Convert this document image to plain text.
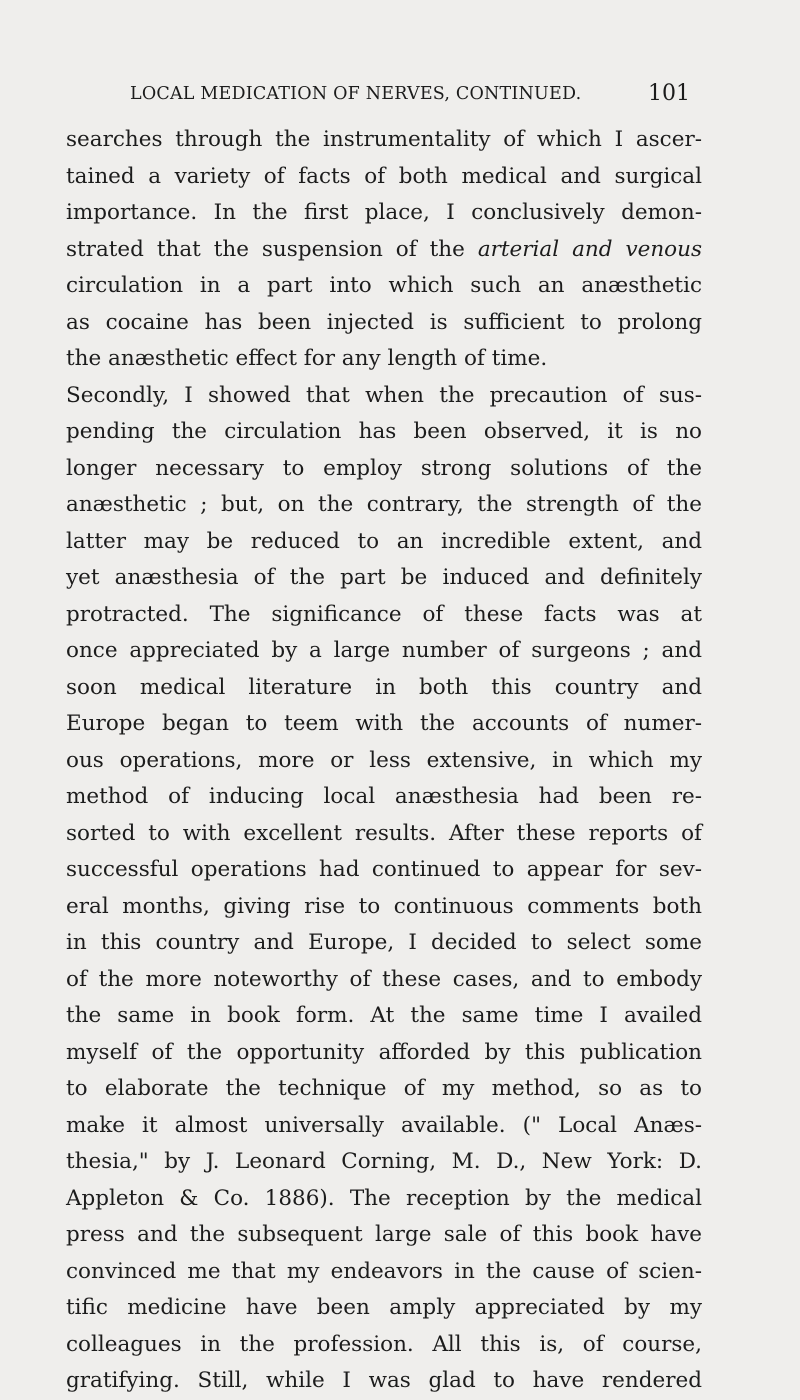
LOCAL MEDICATION OF NERVES, CONTINUED.	101
searches through the instrumentality of which I ascer-
tained a variety of facts of both medical and surgical
importance. In the first place, I conclusively demon-
strated that the suspension of the arterial and venous
circulation in a part into which such an anæsthetic
as cocaine has been injected is sufficient to prolong
the anæsthetic effect for any length of time.
Secondly, I showed that when the precaution of sus-
pending the circulation has been observed, it is no
longer necessary to employ strong solutions of the
anæsthetic ; but, on the contrary, the strength of the
latter may be reduced to an incredible extent, and
yet anæsthesia of the part be induced and definitely
protracted. The significance of these facts was at
once appreciated by a large number of surgeons ; and
soon medical literature in both this country and
Europe began to teem with the accounts of numer-
ous operations, more or less extensive, in which my
method of inducing local anæsthesia had been re-
sorted to with excellent results. After these reports of
successful operations had continued to appear for sev-
eral months, giving rise to continuous comments both
in this country and Europe, I decided to select some
of the more noteworthy of these cases, and to embody
the same in book form. At the same time I availed
myself of the opportunity afforded by this publication
to elaborate the technique of my method, so as to
make it almost universally available. (" Local Anæs-
thesia," by J. Leonard Corning, M. D., New York: D.
Appleton & Co. 1886). The reception by the medical
press and the subsequent large sale of this book have
convinced me that my endeavors in the cause of scien-
tific medicine have been amply appreciated by my
colleagues in the profession. All this is, of course,
gratifying. Still, while I was glad to have rendered
